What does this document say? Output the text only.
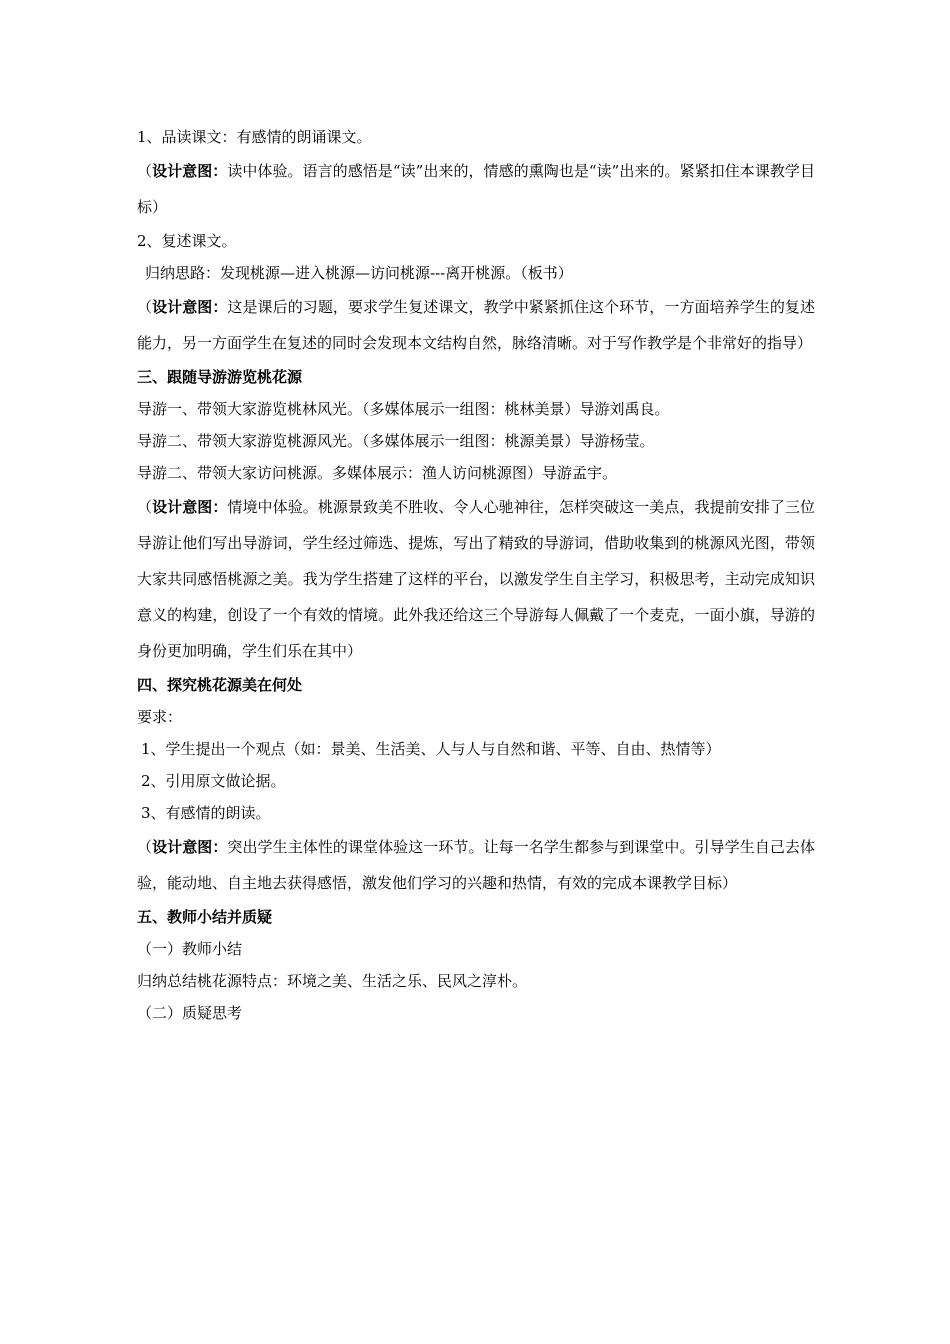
1、品读课文：有感情的朗诵课文。

（设计意图：读中体验。语言的感悟是“读”出来的，情感的熏陶也是“读”出来的。紧紧扣住本课教学目标）

2、复述课文。

归纳思路：发现桃源—进入桃源—访问桃源---离开桃源。（板书）

（设计意图：这是课后的习题，要求学生复述课文，教学中紧紧抓住这个环节，一方面培养学生的复述能力，另一方面学生在复述的同时会发现本文结构自然，脉络清晰。对于写作教学是个非常好的指导）

三、跟随导游游览桃花源

导游一、带领大家游览桃林风光。（多媒体展示一组图：桃林美景）导游刘禹良。

导游二、带领大家游览桃源风光。（多媒体展示一组图：桃源美景）导游杨莹。

导游二、带领大家访问桃源。多媒体展示：渔人访问桃源图）导游孟宇。

（设计意图：情境中体验。桃源景致美不胜收、令人心驰神往，怎样突破这一美点，我提前安排了三位导游让他们写出导游词，学生经过筛选、提炼，写出了精致的导游词，借助收集到的桃源风光图，带领大家共同感悟桃源之美。我为学生搭建了这样的平台，以激发学生自主学习，积极思考，主动完成知识意义的构建，创设了一个有效的情境。此外我还给这三个导游每人佩戴了一个麦克，一面小旗，导游的身份更加明确，学生们乐在其中）

四、探究桃花源美在何处

要求：

1、学生提出一个观点（如：景美、生活美、人与人与自然和谐、平等、自由、热情等）

2、引用原文做论据。

3、有感情的朗读。

（设计意图：突出学生主体性的课堂体验这一环节。让每一名学生都参与到课堂中。引导学生自己去体验，能动地、自主地去获得感悟，激发他们学习的兴趣和热情，有效的完成本课教学目标）

五、教师小结并质疑

（一）教师小结

归纳总结桃花源特点：环境之美、生活之乐、民风之淳朴。

（二）质疑思考
